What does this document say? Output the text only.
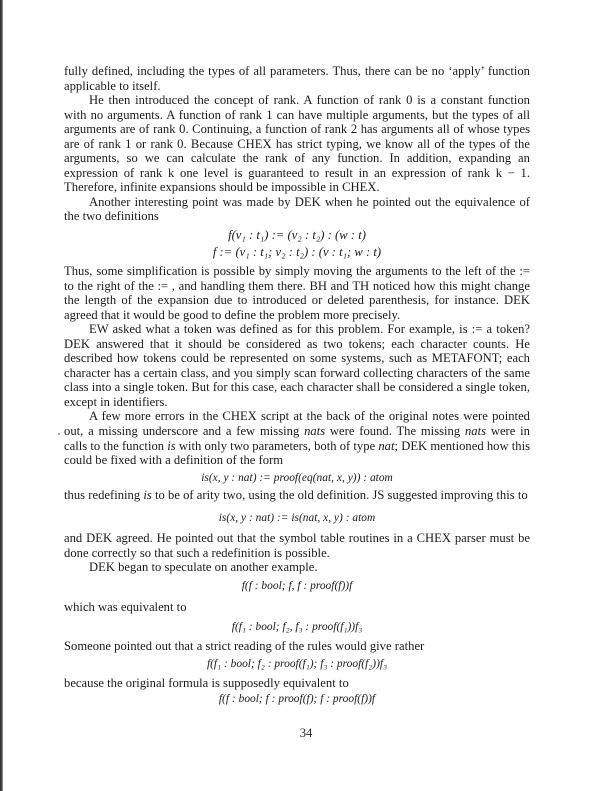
fully defined, including the types of all parameters. Thus, there can be no ‘apply’ function applicable to itself.

He then introduced the concept of rank. A function of rank 0 is a constant function with no arguments. A function of rank 1 can have multiple arguments, but the types of all arguments are of rank 0. Continuing, a function of rank 2 has arguments all of whose types are of rank 1 or rank 0. Because CHEX has strict typing, we know all of the types of the arguments, so we can calculate the rank of any function. In addition, expanding an expression of rank k one level is guaranteed to result in an expression of rank k − 1. Therefore, infinite expansions should be impossible in CHEX.

Another interesting point was made by DEK when he pointed out the equivalence of the two definitions

f(v₁ : t₁) := (v₂ : t₂) : (w : t)

f := (v₁ : t₁; v₂ : t₂) : (v : t₁; w : t)

Thus, some simplification is possible by simply moving the arguments to the left of the := to the right of the := , and handling them there. BH and TH noticed how this might change the length of the expansion due to introduced or deleted parenthesis, for instance. DEK agreed that it would be good to define the problem more precisely.

EW asked what a token was defined as for this problem. For example, is := a token? DEK answered that it should be considered as two tokens; each character counts. He described how tokens could be represented on some systems, such as METAFONT; each character has a certain class, and you simply scan forward collecting characters of the same class into a single token. But for this case, each character shall be considered a single token, except in identifiers.

A few more errors in the CHEX script at the back of the original notes were pointed out, a missing underscore and a few missing nats were found. The missing nats were in calls to the function is with only two parameters, both of type nat; DEK mentioned how this could be fixed with a definition of the form

is(x, y : nat) := proof(eq(nat, x, y)) : atom

thus redefining is to be of arity two, using the old definition. JS suggested improving this to

is(x, y : nat) := is(nat, x, y) : atom

and DEK agreed. He pointed out that the symbol table routines in a CHEX parser must be done correctly so that such a redefinition is possible.

DEK began to speculate on another example.

f(f : bool; f, f : proof(f))f

which was equivalent to

f(f₁ : bool; f₂, f₃ : proof(f₁))f₃

Someone pointed out that a strict reading of the rules would give rather

f(f₁ : bool; f₂ : proof(f₁); f₃ : proof(f₂))f₃

because the original formula is supposedly equivalent to

f(f : bool; f : proof(f); f : proof(f))f

34
